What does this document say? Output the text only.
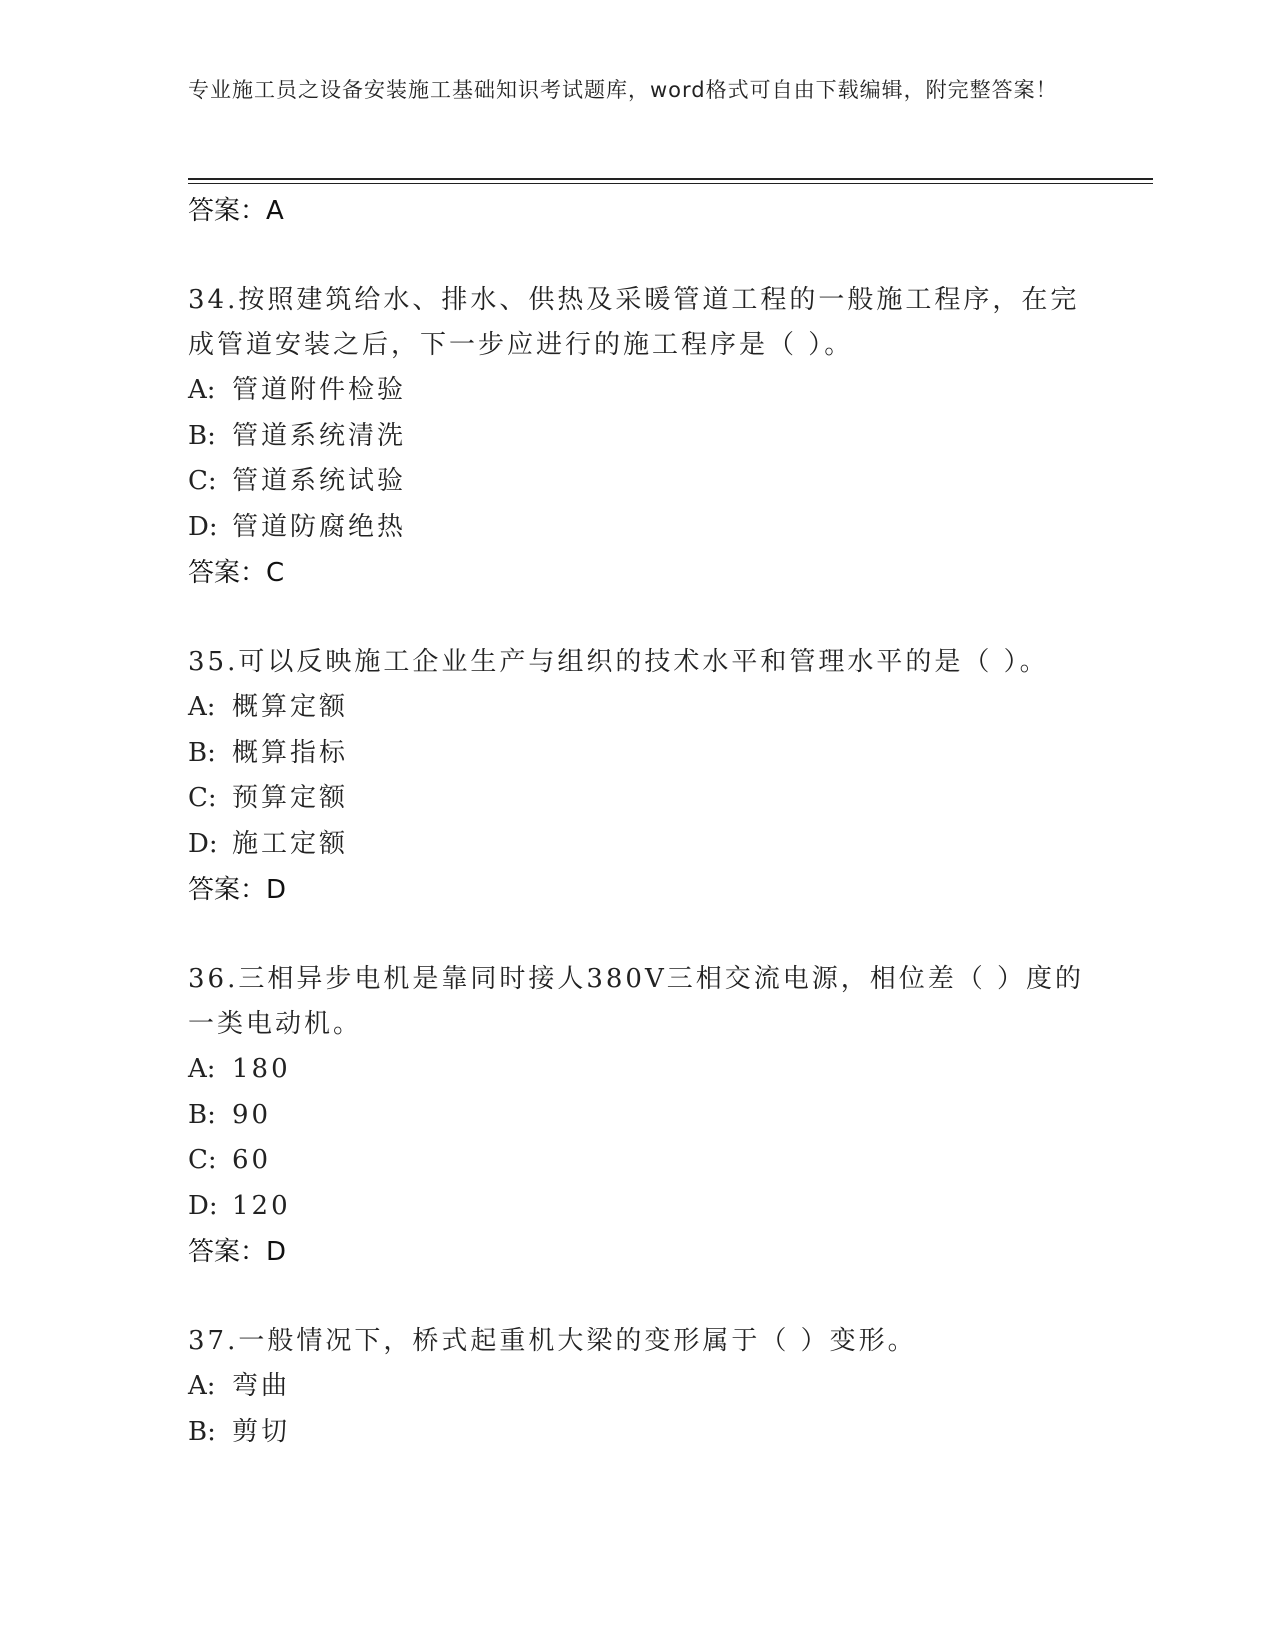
专业施工员之设备安装施工基础知识考试题库，word格式可自由下载编辑，附完整答案！
答案：A
34.按照建筑给水、排水、供热及采暖管道工程的一般施工程序，在完成管道安装之后，下一步应进行的施工程序是（ ）。
A: 管道附件检验
B: 管道系统清洗
C: 管道系统试验
D: 管道防腐绝热
答案：C
35.可以反映施工企业生产与组织的技术水平和管理水平的是（ ）。
A: 概算定额
B: 概算指标
C: 预算定额
D: 施工定额
答案：D
36.三相异步电机是靠同时接人380V三相交流电源，相位差（ ）度的一类电动机。
A: 180
B: 90
C: 60
D: 120
答案：D
37.一般情况下，桥式起重机大梁的变形属于（ ）变形。
A: 弯曲
B: 剪切
